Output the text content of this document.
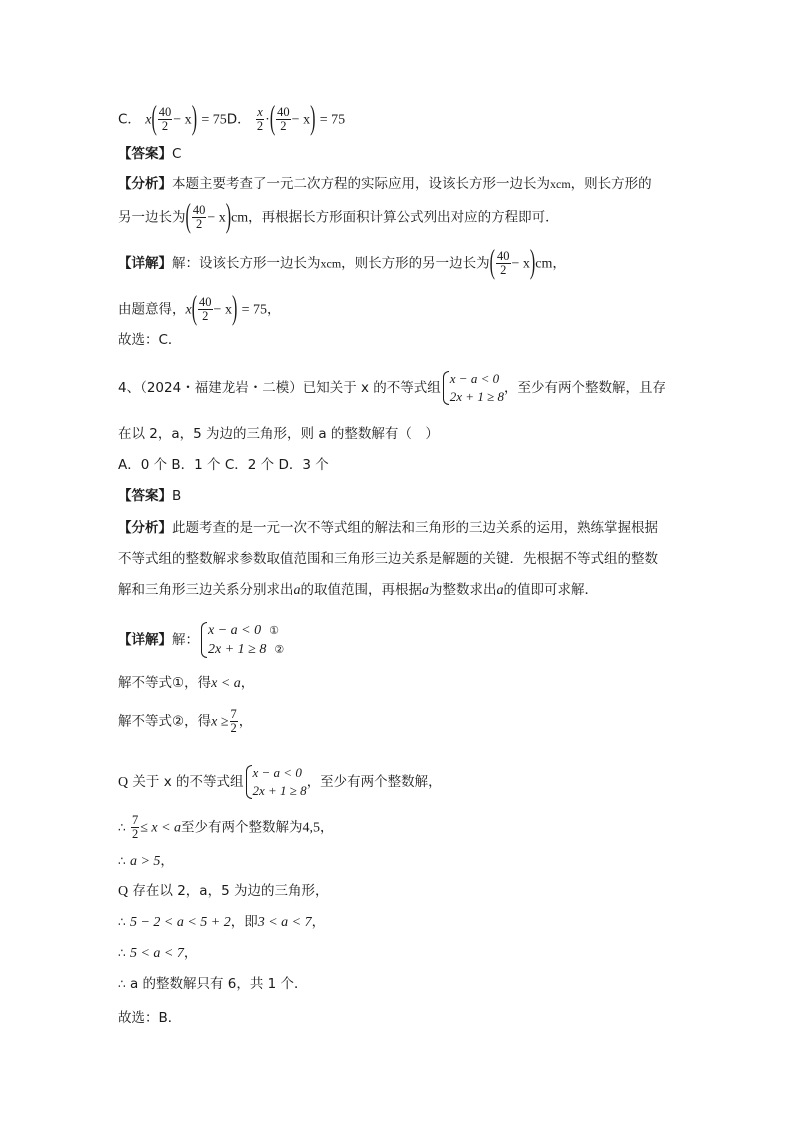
C． $x( \frac{40}{2} - x) = 75D$． $\frac{x}{2}$ ·( $\frac{40}{2} - x) = 75$
【答案】C
【分析】本题主要考查了一元二次方程的实际应用，设该长方形一边长为xcm，则长方形的
另一边长为( $\frac{40}{2} - x)cm$，再根据长方形面积计算公式列出对应的方程即可．
【详解】解：设该长方形一边长为xcm，则长方形的另一边长为( $\frac{40}{2} - x)cm$，
由题意得，$x( \frac{40}{2} - x) = 75$，
故选：C．
4、（2024・福建龙岩・二模）已知关于 x 的不等式组
x − a < 0
2x + 1 ≥ 8
，至少有两个整数解，且存
在以 2，a，5 为边的三角形，则 a 的整数解有（　）
A．0 个 B．1 个 C．2 个 D．3 个
【答案】B
【分析】此题考查的是一元一次不等式组的解法和三角形的三边关系的运用，熟练掌握根据
不等式组的整数解求参数取值范围和三角形三边关系是解题的关键．先根据不等式组的整数
解和三角形三边关系分别求出a的取值范围，再根据a为整数求出a的值即可求解．
【详解】解：
x − a < 0 ①
2x + 1 ≥ 8 ②
解不等式①，得x < a，
解不等式②，得$x \ge \frac{7}{2}$ ，
Q 关于 x 的不等式组
x − a < 0
2x + 1 ≥ 8
，至少有两个整数解，
∴ $\frac{7}{2} \le x < a$至少有两个整数解为4,5，
∴ a > 5，
Q 存在以 2，a，5 为边的三角形，
∴ 5 − 2 < a < 5 + 2，即3 < a < 7，
∴ 5 < a < 7，
∴ a 的整数解只有 6，共 1 个．
故选：B．
